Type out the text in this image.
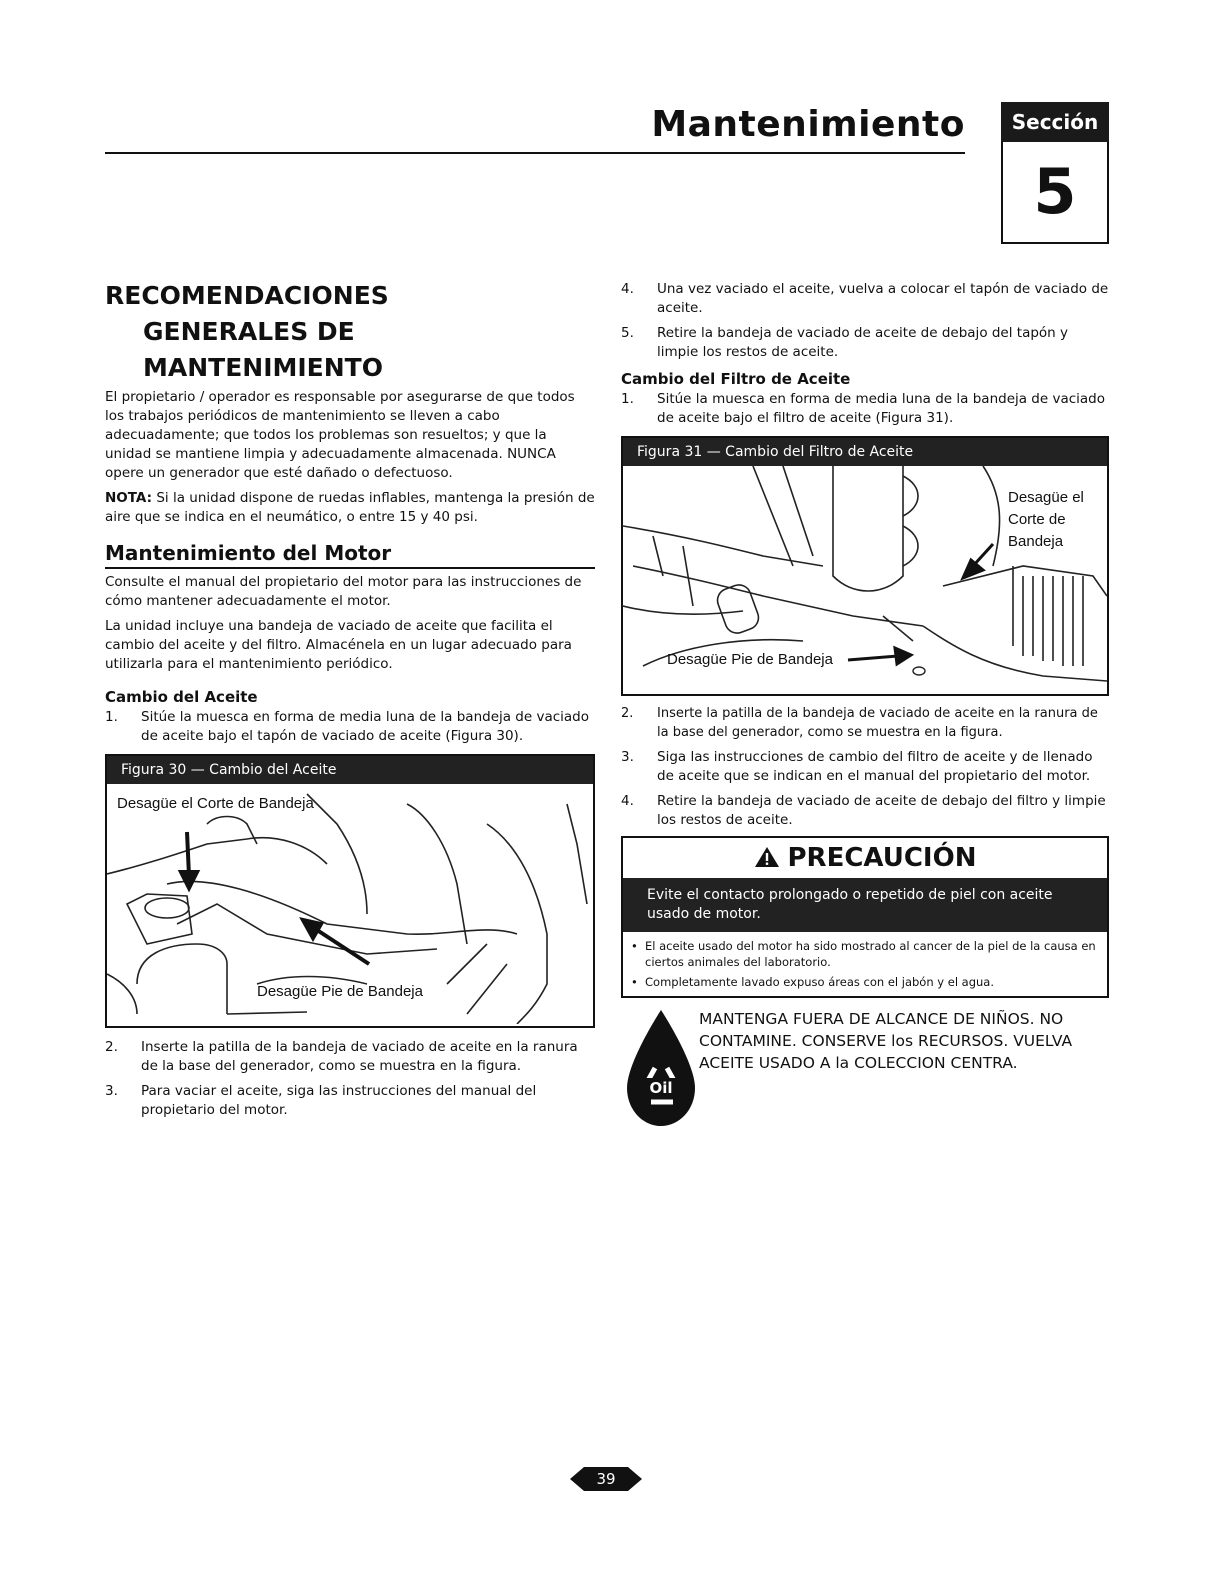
Mantenimiento	Sección
5
RECOMENDACIONES
GENERALES DE
MANTENIMIENTO
El propietario / operador es responsable por asegurarse de que todos los trabajos periódicos de mantenimiento se lleven a cabo adecuadamente; que todos los problemas son resueltos; y que la unidad se mantiene limpia y adecuadamente almacenada. NUNCA opere un generador que esté dañado o defectuoso.
NOTA: Si la unidad dispone de ruedas inflables, mantenga la presión de aire que se indica en el neumático, o entre 15 y 40 psi.
Mantenimiento del Motor
Consulte el manual del propietario del motor para las instrucciones de cómo mantener adecuadamente el motor.
La unidad incluye una bandeja de vaciado de aceite que facilita el cambio del aceite y del filtro. Almacénela en un lugar adecuado para utilizarla para el mantenimiento periódico.
Cambio del Aceite
1.	Sitúe la muesca en forma de media luna de la bandeja de vaciado de aceite bajo el tapón de vaciado de aceite (Figura 30).
Figura 30 — Cambio del Aceite
Desagüe el Corte de Bandeja
Desagüe Pie de Bandeja
2.	Inserte la patilla de la bandeja de vaciado de aceite en la ranura de la base del generador, como se muestra en la figura.
3.	Para vaciar el aceite, siga las instrucciones del manual del propietario del motor.
4.	Una vez vaciado el aceite, vuelva a colocar el tapón de vaciado de aceite.
5.	Retire la bandeja de vaciado de aceite de debajo del tapón y limpie los restos de aceite.
Cambio del Filtro de Aceite
1.	Sitúe la muesca en forma de media luna de la bandeja de vaciado de aceite bajo el filtro de aceite (Figura 31).
Figura 31 — Cambio del Filtro de Aceite
Desagüe el
Corte de
Bandeja
Desagüe Pie de Bandeja
2.	Inserte la patilla de la bandeja de vaciado de aceite en la ranura de la base del generador, como se muestra en la figura.
3.	Siga las instrucciones de cambio del filtro de aceite y de llenado de aceite que se indican en el manual del propietario del motor.
4.	Retire la bandeja de vaciado de aceite de debajo del filtro y limpie los restos de aceite.
PRECAUCIÓN
Evite el contacto prolongado o repetido de piel con aceite usado de motor.
• El aceite usado del motor ha sido mostrado al cancer de la piel de la causa en ciertos animales del laboratorio.
• Completamente lavado expuso áreas con el jabón y el agua.
Oil
MANTENGA FUERA DE ALCANCE DE NIÑOS. NO CONTAMINE. CONSERVE los RECURSOS. VUELVA ACEITE USADO A la COLECCION CENTRA.
39
